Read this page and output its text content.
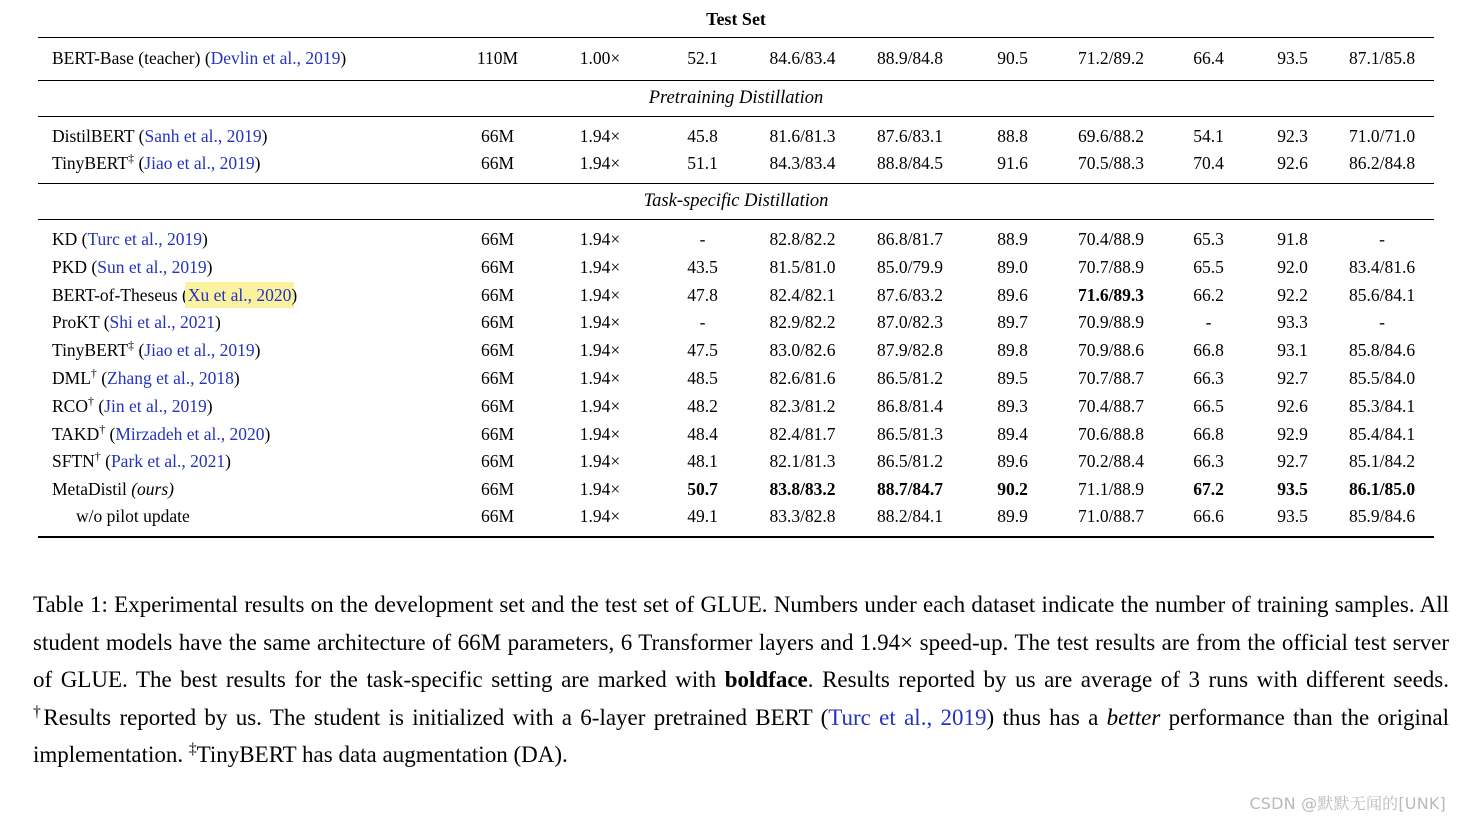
Test Set										
BERT-Base (teacher) (Devlin et al., 2019)	110M	1.00×	52.1	84.6/83.4	88.9/84.8	90.5	71.2/89.2	66.4	93.5	87.1/85.8
Pretraining Distillation										
DistilBERT (Sanh et al., 2019)	66M	1.94×	45.8	81.6/81.3	87.6/83.1	88.8	69.6/88.2	54.1	92.3	71.0/71.0
TinyBERT‡ (Jiao et al., 2019)	66M	1.94×	51.1	84.3/83.4	88.8/84.5	91.6	70.5/88.3	70.4	92.6	86.2/84.8
Task-specific Distillation										
KD (Turc et al., 2019)	66M	1.94×	-	82.8/82.2	86.8/81.7	88.9	70.4/88.9	65.3	91.8	-
PKD (Sun et al., 2019)	66M	1.94×	43.5	81.5/81.0	85.0/79.9	89.0	70.7/88.9	65.5	92.0	83.4/81.6
BERT-of-Theseus (Xu et al., 2020)	66M	1.94×	47.8	82.4/82.1	87.6/83.2	89.6	71.6/89.3	66.2	92.2	85.6/84.1
ProKT (Shi et al., 2021)	66M	1.94×	-	82.9/82.2	87.0/82.3	89.7	70.9/88.9	-	93.3	-
TinyBERT‡ (Jiao et al., 2019)	66M	1.94×	47.5	83.0/82.6	87.9/82.8	89.8	70.9/88.6	66.8	93.1	85.8/84.6
DML† (Zhang et al., 2018)	66M	1.94×	48.5	82.6/81.6	86.5/81.2	89.5	70.7/88.7	66.3	92.7	85.5/84.0
RCO† (Jin et al., 2019)	66M	1.94×	48.2	82.3/81.2	86.8/81.4	89.3	70.4/88.7	66.5	92.6	85.3/84.1
TAKD† (Mirzadeh et al., 2020)	66M	1.94×	48.4	82.4/81.7	86.5/81.3	89.4	70.6/88.8	66.8	92.9	85.4/84.1
SFTN† (Park et al., 2021)	66M	1.94×	48.1	82.1/81.3	86.5/81.2	89.6	70.2/88.4	66.3	92.7	85.1/84.2
MetaDistil (ours)	66M	1.94×	50.7	83.8/83.2	88.7/84.7	90.2	71.1/88.9	67.2	93.5	86.1/85.0
w/o pilot update	66M	1.94×	49.1	83.3/82.8	88.2/84.1	89.9	71.0/88.7	66.6	93.5	85.9/84.6

Table 1: Experimental results on the development set and the test set of GLUE. Numbers under each dataset indicate the number of training samples. All student models have the same architecture of 66M parameters, 6 Transformer layers and 1.94× speed-up. The test results are from the official test server of GLUE. The best results for the task-specific setting are marked with boldface. Results reported by us are average of 3 runs with different seeds. †Results reported by us. The student is initialized with a 6-layer pretrained BERT (Turc et al., 2019) thus has a better performance than the original implementation. ‡TinyBERT has data augmentation (DA).

CSDN @默默无闻的[UNK]
